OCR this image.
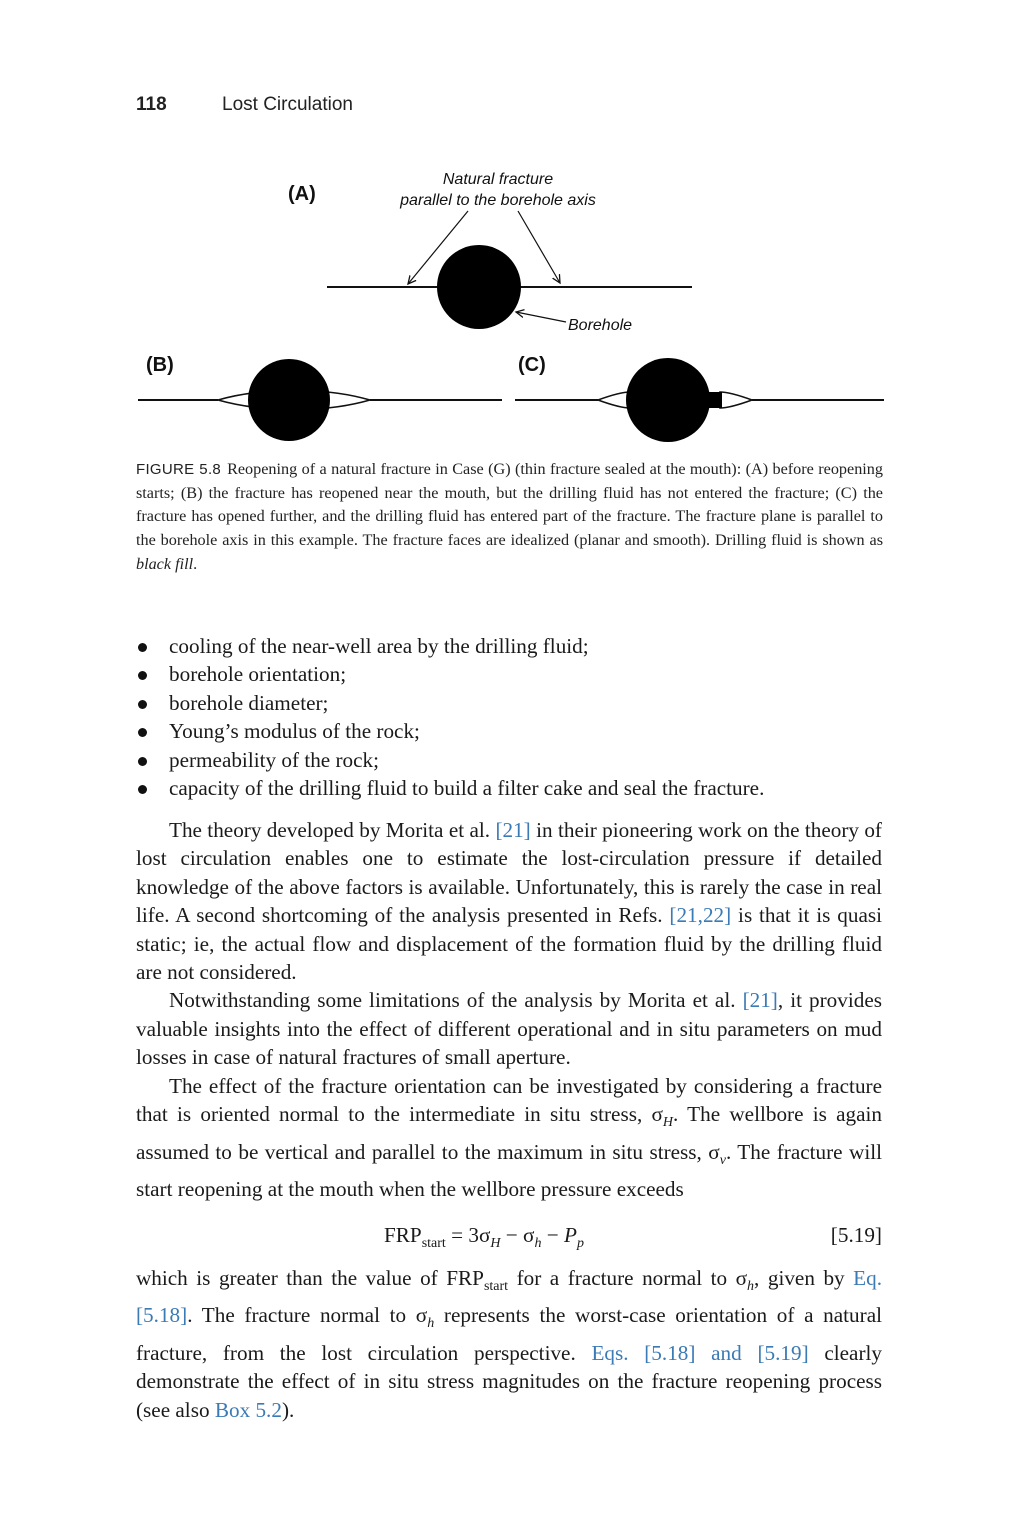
118	Lost Circulation
(A)
Natural fracture
parallel to the borehole axis
Borehole
(B)	(C)
FIGURE 5.8 Reopening of a natural fracture in Case (G) (thin fracture sealed at the mouth): (A) before reopening starts; (B) the fracture has reopened near the mouth, but the drilling fluid has not entered the fracture; (C) the fracture has opened further, and the drilling fluid has entered part of the fracture. The fracture plane is parallel to the borehole axis in this example. The fracture faces are idealized (planar and smooth). Drilling fluid is shown as black fill.
cooling of the near-well area by the drilling fluid;
borehole orientation;
borehole diameter;
Young’s modulus of the rock;
permeability of the rock;
capacity of the drilling fluid to build a filter cake and seal the fracture.

The theory developed by Morita et al. [21] in their pioneering work on the theory of lost circulation enables one to estimate the lost-circulation pressure if detailed knowledge of the above factors is available. Unfortunately, this is rarely the case in real life. A second shortcoming of the analysis presented in Refs. [21,22] is that it is quasi static; ie, the actual flow and displacement of the formation fluid by the drilling fluid are not considered.

Notwithstanding some limitations of the analysis by Morita et al. [21], it provides valuable insights into the effect of different operational and in situ parameters on mud losses in case of natural fractures of small aperture.

The effect of the fracture orientation can be investigated by considering a fracture that is oriented normal to the intermediate in situ stress, $\sigma_H$. The wellbore is again assumed to be vertical and parallel to the maximum in situ stress, $\sigma_v$. The fracture will start reopening at the mouth when the wellbore pressure exceeds

$FRP_{start} = 3\sigma_H - \sigma_h - P_p$	[5.19]

which is greater than the value of $FRP_{start}$ for a fracture normal to $\sigma_h$, given by Eq. [5.18]. The fracture normal to $\sigma_h$ represents the worst-case orientation of a natural fracture, from the lost circulation perspective. Eqs. [5.18] and [5.19] clearly demonstrate the effect of in situ stress magnitudes on the fracture reopening process (see also Box 5.2).
